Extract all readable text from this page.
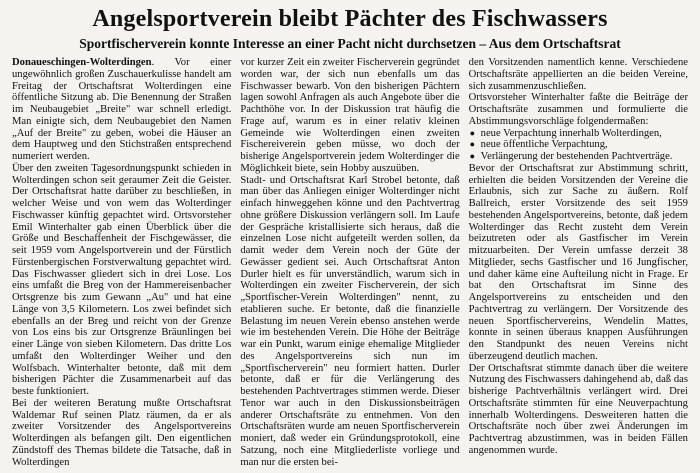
Angelsportverein bleibt Pächter des Fischwassers
Sportfischerverein konnte Interesse an einer Pacht nicht durchsetzen – Aus dem Ortschaftsrat

Donaueschingen-Wolterdingen. Vor einer ungewöhnlich großen Zuschauerkulisse handelt am Freitag der Ortschaftsrat Wolterdingen eine öffentliche Sitzung ab. Die Benennung der Straßen im Neubaugebiet „Breite" war schnell erledigt. Man einigte sich, dem Neubaugebiet den Namen „Auf der Breite" zu geben, wobei die Häuser an dem Hauptweg und den Stichstraßen entsprechend numeriert werden.

Über den zweiten Tagesordnungspunkt schieden in Wolterdingen schon seit geraumer Zeit die Geister. Der Ortschaftsrat hatte darüber zu beschließen, in welcher Weise und von wem das Wolterdinger Fischwasser künftig gepachtet wird. Ortsvorsteher Emil Winterhalter gab einen Überblick über die Größe und Beschaffenheit der Fischgewässer, die seit 1959 vom Angelsportverein und der Fürstlich Fürstenbergischen Forstverwaltung gepachtet wird. Das Fischwasser gliedert sich in drei Lose. Los eins umfaßt die Breg von der Hammereisenbacher Ortsgrenze bis zum Gewann „Au" und hat eine Länge von 3,5 Kilometern. Los zwei befindet sich ebenfalls an der Breg und reicht von der Grenze von Los eins bis zur Ortsgrenze Bräunlingen bei einer Länge von sieben Kilometern. Das dritte Los umfaßt den Wolterdinger Weiher und den Wolfsbach. Winterhalter betonte, daß mit dem bisherigen Pächter die Zusammenarbeit auf das beste funktioniert.

Bei der weiteren Beratung mußte Ortschaftsrat Waldemar Ruf seinen Platz räumen, da er als zweiter Vorsitzender des Angelsportvereins Wolterdingen als befangen gilt. Den eigentlichen Zündstoff des Themas bildete die Tatsache, daß in Wolterdingen

vor kurzer Zeit ein zweiter Fischerverein gegründet worden war, der sich nun ebenfalls um das Fischwasser bewarb. Von den bisherigen Pächtern lagen sowohl Anfragen als auch Angebote über die Pachthöhe vor. In der Diskussion trat häufig die Frage auf, warum es in einer relativ kleinen Gemeinde wie Wolterdingen einen zweiten Fischereiverein geben müsse, wo doch der bisherige Angelsportverein jedem Wolterdinger die Möglichkeit biete, sein Hobby auszuüben.

Stadt- und Ortschaftsrat Karl Strobel betonte, daß man über das Anliegen einiger Wolterdinger nicht einfach hinweggehen könne und den Pachtvertrag ohne größere Diskussion verlängern soll. Im Laufe der Gespräche kristallisierte sich heraus, daß die einzelnen Lose nicht aufgeteilt werden sollen, da damit weder dem Verein noch der Güte der Gewässer gedient sei. Auch Ortschaftsrat Anton Durler hielt es für unverständlich, warum sich in Wolterdingen ein zweiter Fischerverein, der sich „Sportfischer-Verein Wolterdingen" nennt, zu etablieren suche. Er betonte, daß die finanzielle Belastung im neuen Verein ebenso anstehen werde wie im bestehenden Verein. Die Höhe der Beiträge war ein Punkt, warum einige ehemalige Mitglieder des Angelsportvereins sich nun im „Sportfischerverein" neu formiert hatten. Durler betonte, daß er für die Verlängerung des bestehenden Pachtvertrages stimmen werde. Dieser Tenor war auch in den Diskussionsbeiträgen anderer Ortschaftsräte zu entnehmen. Von den Ortschaftsräten wurde am neuen Sportfischerverein moniert, daß weder ein Gründungsprotokoll, eine Satzung, noch eine Mitgliederliste vorliege und man nur die ersten bei-

den Vorsitzenden namentlich kenne. Verschiedene Ortschaftsräte appellierten an die beiden Vereine, sich zusammenzuschließen.

Ortsvorsteher Winterhalter faßte die Beiträge der Ortschaftsräte zusammen und formulierte die Abstimmungsvorschläge folgendermaßen:

● neue Verpachtung innerhalb Wolterdingen,
● neue öffentliche Verpachtung,
● Verlängerung der bestehenden Pachtverträge.

Bevor der Ortschaftsrat zur Abstimmung schritt, erhielten die beiden Vorsitzenden der Vereine die Erlaubnis, sich zur Sache zu äußern. Rolf Ballreich, erster Vorsitzende des seit 1959 bestehenden Angelsportvereins, betonte, daß jedem Wolterdinger das Recht zusteht dem Verein beizutreten oder als Gastfischer im Verein mitzuarbeiten. Der Verein umfasse derzeit 38 Mitglieder, sechs Gastfischer und 16 Jungfischer, und daher käme eine Aufteilung nicht in Frage. Er bat den Ortschaftsrat im Sinne des Angelsportvereins zu entscheiden und den Pachtvertrag zu verlängern. Der Vorsitzende des neuen Sportfischervereins, Wendelin Mattes, konnte in seinen überaus knappen Ausführungen den Standpunkt des neuen Vereins nicht überzeugend deutlich machen.

Der Ortschaftsrat stimmte danach über die weitere Nutzung des Fischwassers dahingehend ab, daß das bisherige Pachtverhältnis verlängert wird. Drei Ortschaftsräte stimmten für eine Neuverpachtung innerhalb Wolterdingens. Desweiteren hatten die Ortschaftsräte noch über zwei Änderungen im Pachtvertrag abzustimmen, was in beiden Fällen angenommen wurde.
